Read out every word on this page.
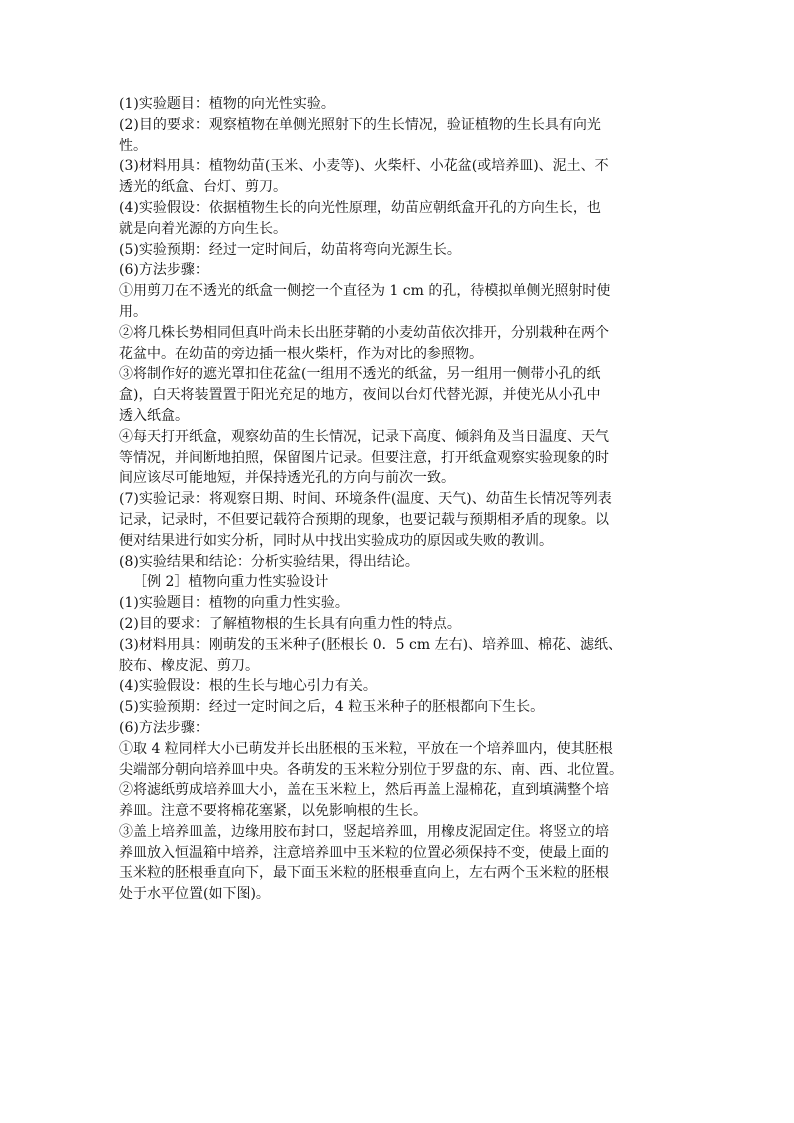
(1)实验题目：植物的向光性实验。

(2)目的要求：观察植物在单侧光照射下的生长情况，验证植物的生长具有向光

性。

(3)材料用具：植物幼苗(玉米、小麦等)、火柴杆、小花盆(或培养皿)、泥土、不

透光的纸盒、台灯、剪刀。

(4)实验假设：依据植物生长的向光性原理，幼苗应朝纸盒开孔的方向生长，也

就是向着光源的方向生长。

(5)实验预期：经过一定时间后，幼苗将弯向光源生长。

(6)方法步骤：

①用剪刀在不透光的纸盒一侧挖一个直径为 1 cm 的孔，待模拟单侧光照射时使

用。

②将几株长势相同但真叶尚未长出胚芽鞘的小麦幼苗依次排开，分别栽种在两个

花盆中。在幼苗的旁边插一根火柴杆，作为对比的参照物。

③将制作好的遮光罩扣住花盆(一组用不透光的纸盆，另一组用一侧带小孔的纸

盒)，白天将装置置于阳光充足的地方，夜间以台灯代替光源，并使光从小孔中

透入纸盒。

④每天打开纸盒，观察幼苗的生长情况，记录下高度、倾斜角及当日温度、天气

等情况，并间断地拍照，保留图片记录。但要注意，打开纸盒观察实验现象的时

间应该尽可能地短，并保持透光孔的方向与前次一致。

(7)实验记录：将观察日期、时间、环境条件(温度、天气)、幼苗生长情况等列表

记录，记录时，不但要记载符合预期的现象，也要记载与预期相矛盾的现象。以

便对结果进行如实分析，同时从中找出实验成功的原因或失败的教训。

(8)实验结果和结论：分析实验结果，得出结论。

［例 2］植物向重力性实验设计

(1)实验题目：植物的向重力性实验。

(2)目的要求：了解植物根的生长具有向重力性的特点。

(3)材料用具：刚萌发的玉米种子(胚根长 0．5 cm 左右)、培养皿、棉花、滤纸、

胶布、橡皮泥、剪刀。

(4)实验假设：根的生长与地心引力有关。

(5)实验预期：经过一定时间之后，4 粒玉米种子的胚根都向下生长。

(6)方法步骤：

①取 4 粒同样大小已萌发并长出胚根的玉米粒，平放在一个培养皿内，使其胚根

尖端部分朝向培养皿中央。各萌发的玉米粒分别位于罗盘的东、南、西、北位置。

②将滤纸剪成培养皿大小，盖在玉米粒上，然后再盖上湿棉花，直到填满整个培

养皿。注意不要将棉花塞紧，以免影响根的生长。

③盖上培养皿盖，边缘用胶布封口，竖起培养皿，用橡皮泥固定住。将竖立的培

养皿放入恒温箱中培养，注意培养皿中玉米粒的位置必须保持不变，使最上面的

玉米粒的胚根垂直向下，最下面玉米粒的胚根垂直向上，左右两个玉米粒的胚根

处于水平位置(如下图)。
